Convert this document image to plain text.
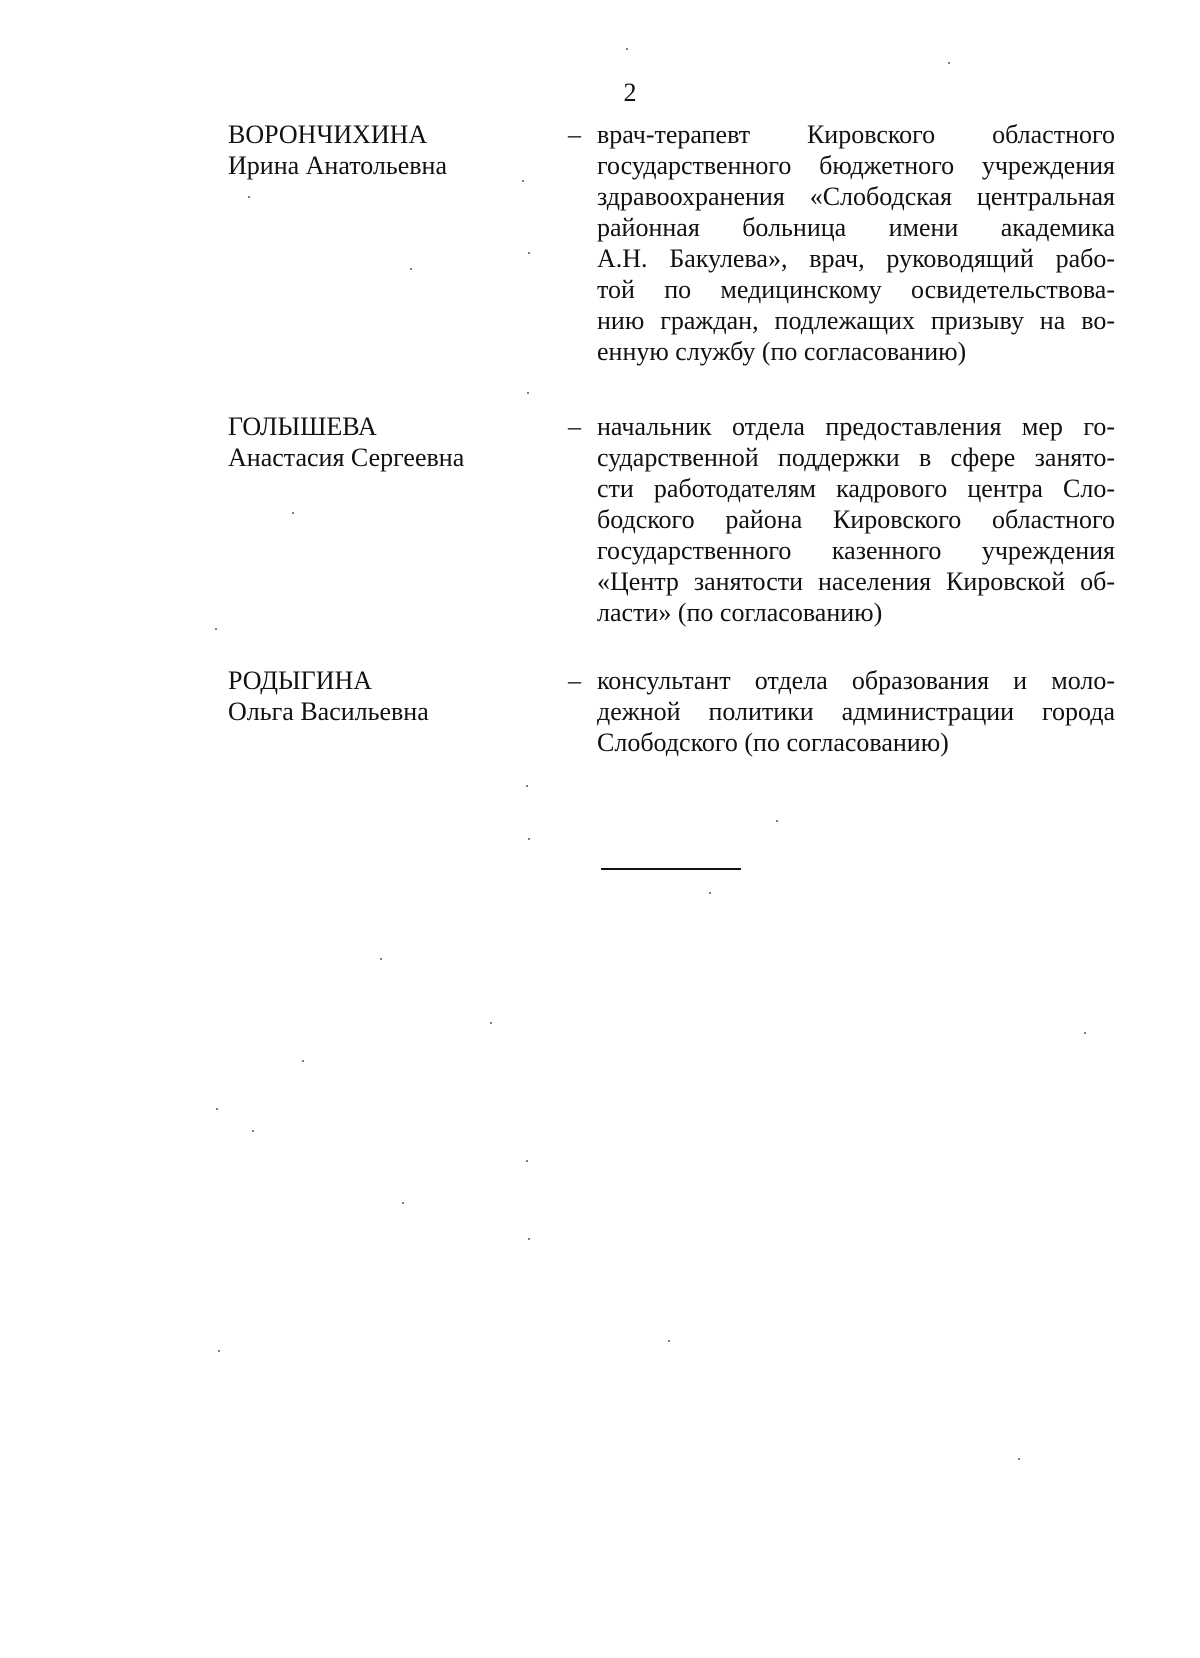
2
ВОРОНЧИХИНА
Ирина Анатольевна
– врач-терапевт Кировского областного
государственного бюджетного учреждения
здравоохранения «Слободская центральная
районная больница имени академика
А.Н. Бакулева», врач, руководящий рабо-
той по медицинскому освидетельствова-
нию граждан, подлежащих призыву на во-
енную службу (по согласованию)
ГОЛЫШЕВА
Анастасия Сергеевна
– начальник отдела предоставления мер го-
сударственной поддержки в сфере занято-
сти работодателям кадрового центра Сло-
бодского района Кировского областного
государственного казенного учреждения
«Центр занятости населения Кировской об-
ласти» (по согласованию)
РОДЫГИНА
Ольга Васильевна
– консультант отдела образования и моло-
дежной политики администрации города
Слободского (по согласованию)
